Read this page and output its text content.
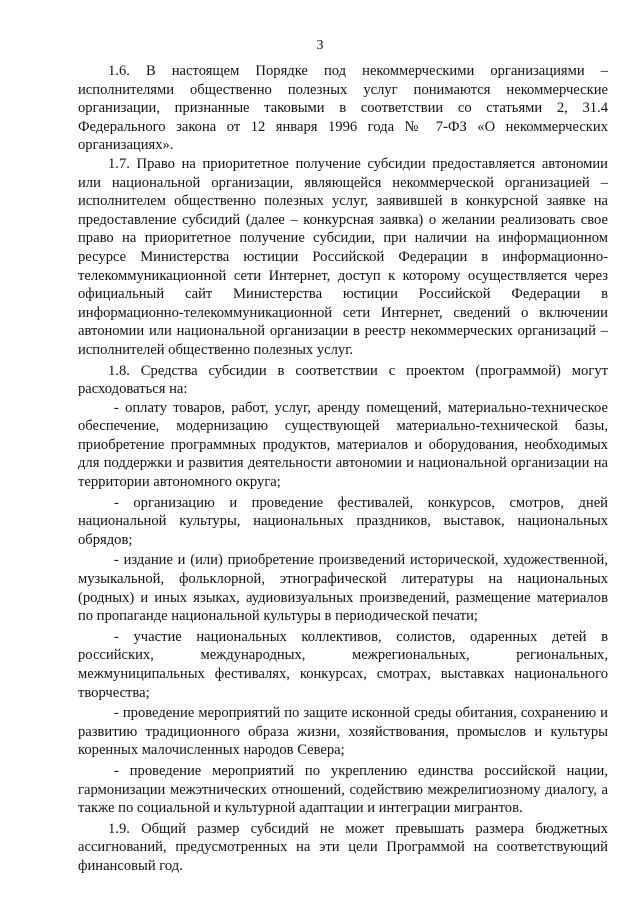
3

1.6. В настоящем Порядке под некоммерческими организациями – исполнителями общественно полезных услуг понимаются некоммерческие организации, признанные таковыми в соответствии со статьями 2, 31.4 Федерального закона от 12 января 1996 года № 7-ФЗ «О некоммерческих организациях».

1.7. Право на приоритетное получение субсидии предоставляется автономии или национальной организации, являющейся некоммерческой организацией – исполнителем общественно полезных услуг, заявившей в конкурсной заявке на предоставление субсидий (далее – конкурсная заявка) о желании реализовать свое право на приоритетное получение субсидии, при наличии на информационном ресурсе Министерства юстиции Российской Федерации в информационно-телекоммуникационной сети Интернет, доступ к которому осуществляется через официальный сайт Министерства юстиции Российской Федерации в информационно-телекоммуникационной сети Интернет, сведений о включении автономии или национальной организации в реестр некоммерческих организаций – исполнителей общественно полезных услуг.

1.8. Средства субсидии в соответствии с проектом (программой) могут расходоваться на:

- оплату товаров, работ, услуг, аренду помещений, материально-техническое обеспечение, модернизацию существующей материально-технической базы, приобретение программных продуктов, материалов и оборудования, необходимых для поддержки и развития деятельности автономии и национальной организации на территории автономного округа;

- организацию и проведение фестивалей, конкурсов, смотров, дней национальной культуры, национальных праздников, выставок, национальных обрядов;

- издание и (или) приобретение произведений исторической, художественной, музыкальной, фольклорной, этнографической литературы на национальных (родных) и иных языках, аудиовизуальных произведений, размещение материалов по пропаганде национальной культуры в периодической печати;

- участие национальных коллективов, солистов, одаренных детей в российских, международных, межрегиональных, региональных, межмуниципальных фестивалях, конкурсах, смотрах, выставках национального творчества;

- проведение мероприятий по защите исконной среды обитания, сохранению и развитию традиционного образа жизни, хозяйствования, промыслов и культуры коренных малочисленных народов Севера;

- проведение мероприятий по укреплению единства российской нации, гармонизации межэтнических отношений, содействию межрелигиозному диалогу, а также по социальной и культурной адаптации и интеграции мигрантов.

1.9. Общий размер субсидий не может превышать размера бюджетных ассигнований, предусмотренных на эти цели Программой на соответствующий финансовый год.
